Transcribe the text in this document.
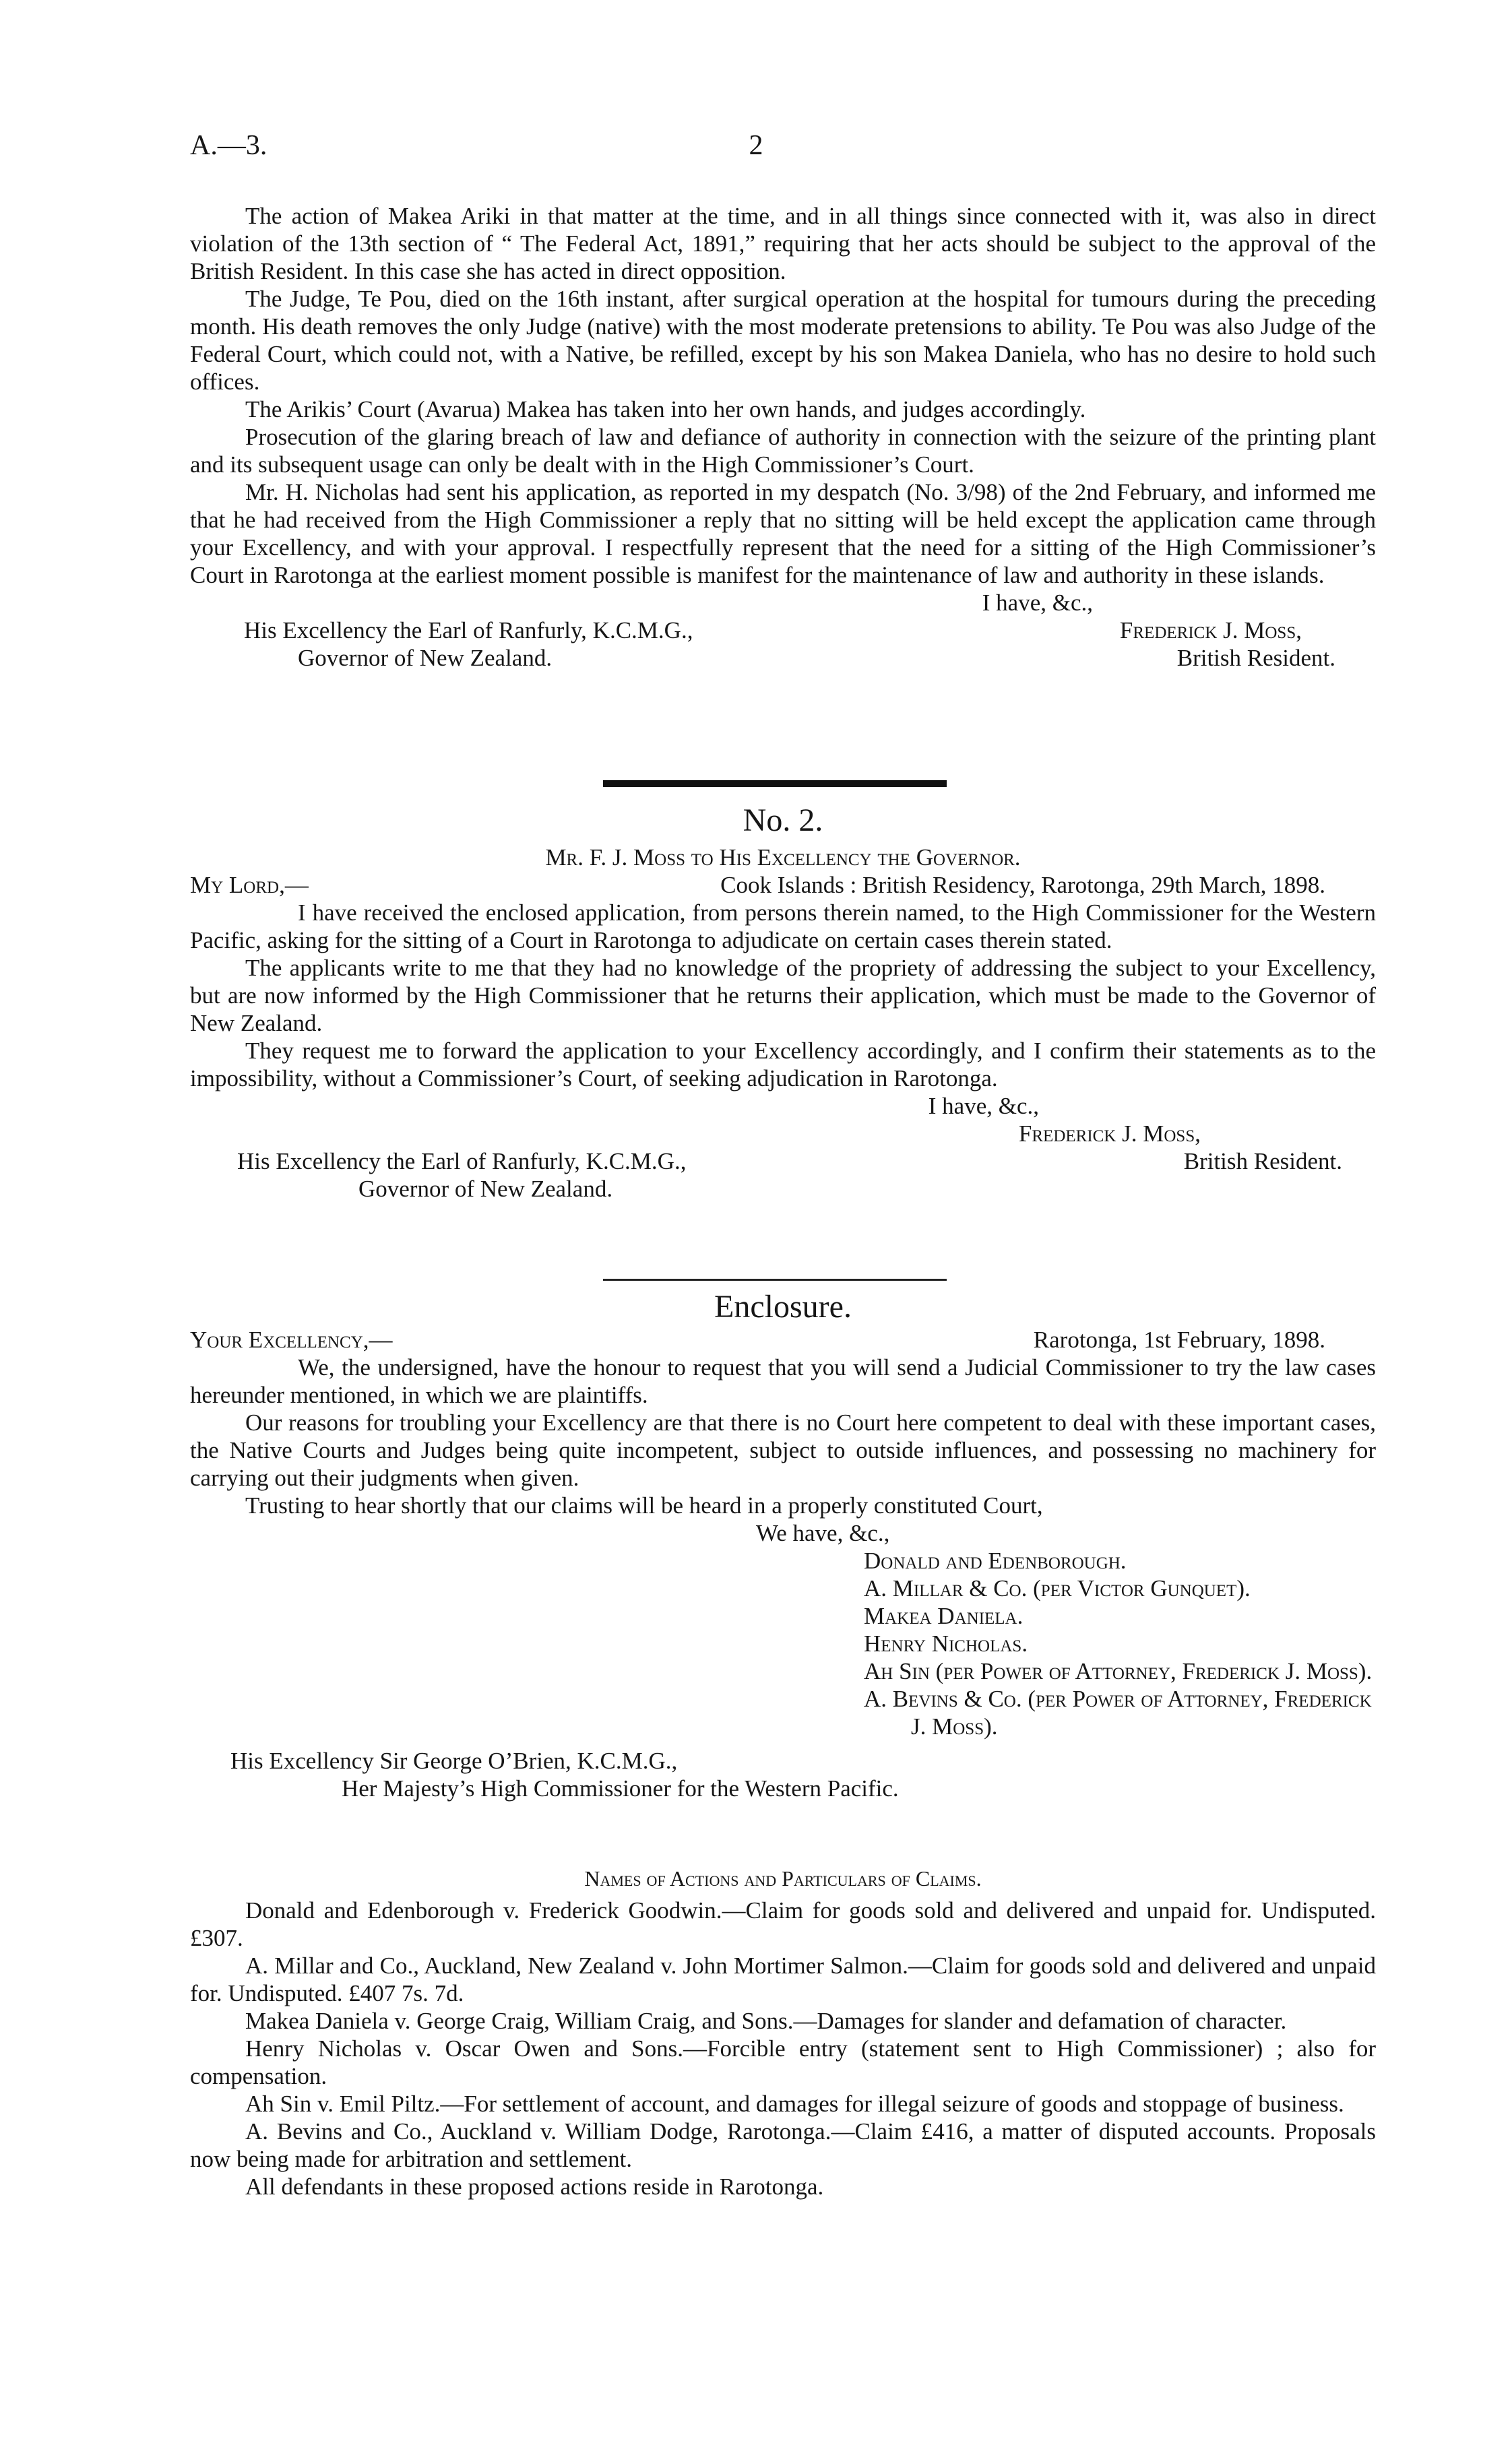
A.—3.	2

The action of Makea Ariki in that matter at the time, and in all things since connected with it, was also in direct violation of the 13th section of “ The Federal Act, 1891,” requiring that her acts should be subject to the approval of the British Resident. In this case she has acted in direct opposition.

The Judge, Te Pou, died on the 16th instant, after surgical operation at the hospital for tumours during the preceding month. His death removes the only Judge (native) with the most moderate pretensions to ability. Te Pou was also Judge of the Federal Court, which could not, with a Native, be refilled, except by his son Makea Daniela, who has no desire to hold such offices.

The Arikis’ Court (Avarua) Makea has taken into her own hands, and judges accordingly.

Prosecution of the glaring breach of law and defiance of authority in connection with the seizure of the printing plant and its subsequent usage can only be dealt with in the High Commissioner’s Court.

Mr. H. Nicholas had sent his application, as reported in my despatch (No. 3/98) of the 2nd February, and informed me that he had received from the High Commissioner a reply that no sitting will be held except the application came through your Excellency, and with your approval. I respectfully represent that the need for a sitting of the High Commissioner’s Court in Rarotonga at the earliest moment possible is manifest for the maintenance of law and authority in these islands.

I have, &c.,
His Excellency the Earl of Ranfurly, K.C.M.G.,	Frederick J. Moss,
Governor of New Zealand.	British Resident.
No. 2.
Mr. F. J. Moss to His Excellency the Governor.
My Lord,—	Cook Islands : British Residency, Rarotonga, 29th March, 1898.

I have received the enclosed application, from persons therein named, to the High Commissioner for the Western Pacific, asking for the sitting of a Court in Rarotonga to adjudicate on certain cases therein stated.

The applicants write to me that they had no knowledge of the propriety of addressing the subject to your Excellency, but are now informed by the High Commissioner that he returns their application, which must be made to the Governor of New Zealand.

They request me to forward the application to your Excellency accordingly, and I confirm their statements as to the impossibility, without a Commissioner’s Court, of seeking adjudication in Rarotonga.

I have, &c.,
Frederick J. Moss,
His Excellency the Earl of Ranfurly, K.C.M.G.,	British Resident.
Governor of New Zealand.
Enclosure.
Your Excellency,—	Rarotonga, 1st February, 1898.

We, the undersigned, have the honour to request that you will send a Judicial Commissioner to try the law cases hereunder mentioned, in which we are plaintiffs.

Our reasons for troubling your Excellency are that there is no Court here competent to deal with these important cases, the Native Courts and Judges being quite incompetent, subject to outside influences, and possessing no machinery for carrying out their judgments when given.

Trusting to hear shortly that our claims will be heard in a properly constituted Court,

We have, &c.,
Donald and Edenborough.
A. Millar & Co. (per Victor Gunquet).
Makea Daniela.
Henry Nicholas.
Ah Sin (per Power of Attorney, Frederick J. Moss).
A. Bevins & Co. (per Power of Attorney, Frederick J. Moss).
His Excellency Sir George O’Brien, K.C.M.G.,
Her Majesty’s High Commissioner for the Western Pacific.
Names of Actions and Particulars of Claims.

Donald and Edenborough v. Frederick Goodwin.—Claim for goods sold and delivered and unpaid for. Undisputed. £307.

A. Millar and Co., Auckland, New Zealand v. John Mortimer Salmon.—Claim for goods sold and delivered and unpaid for. Undisputed. £407 7s. 7d.

Makea Daniela v. George Craig, William Craig, and Sons.—Damages for slander and defamation of character.

Henry Nicholas v. Oscar Owen and Sons.—Forcible entry (statement sent to High Commissioner) ; also for compensation.

Ah Sin v. Emil Piltz.—For settlement of account, and damages for illegal seizure of goods and stoppage of business.

A. Bevins and Co., Auckland v. William Dodge, Rarotonga.—Claim £416, a matter of disputed accounts. Proposals now being made for arbitration and settlement.

All defendants in these proposed actions reside in Rarotonga.
